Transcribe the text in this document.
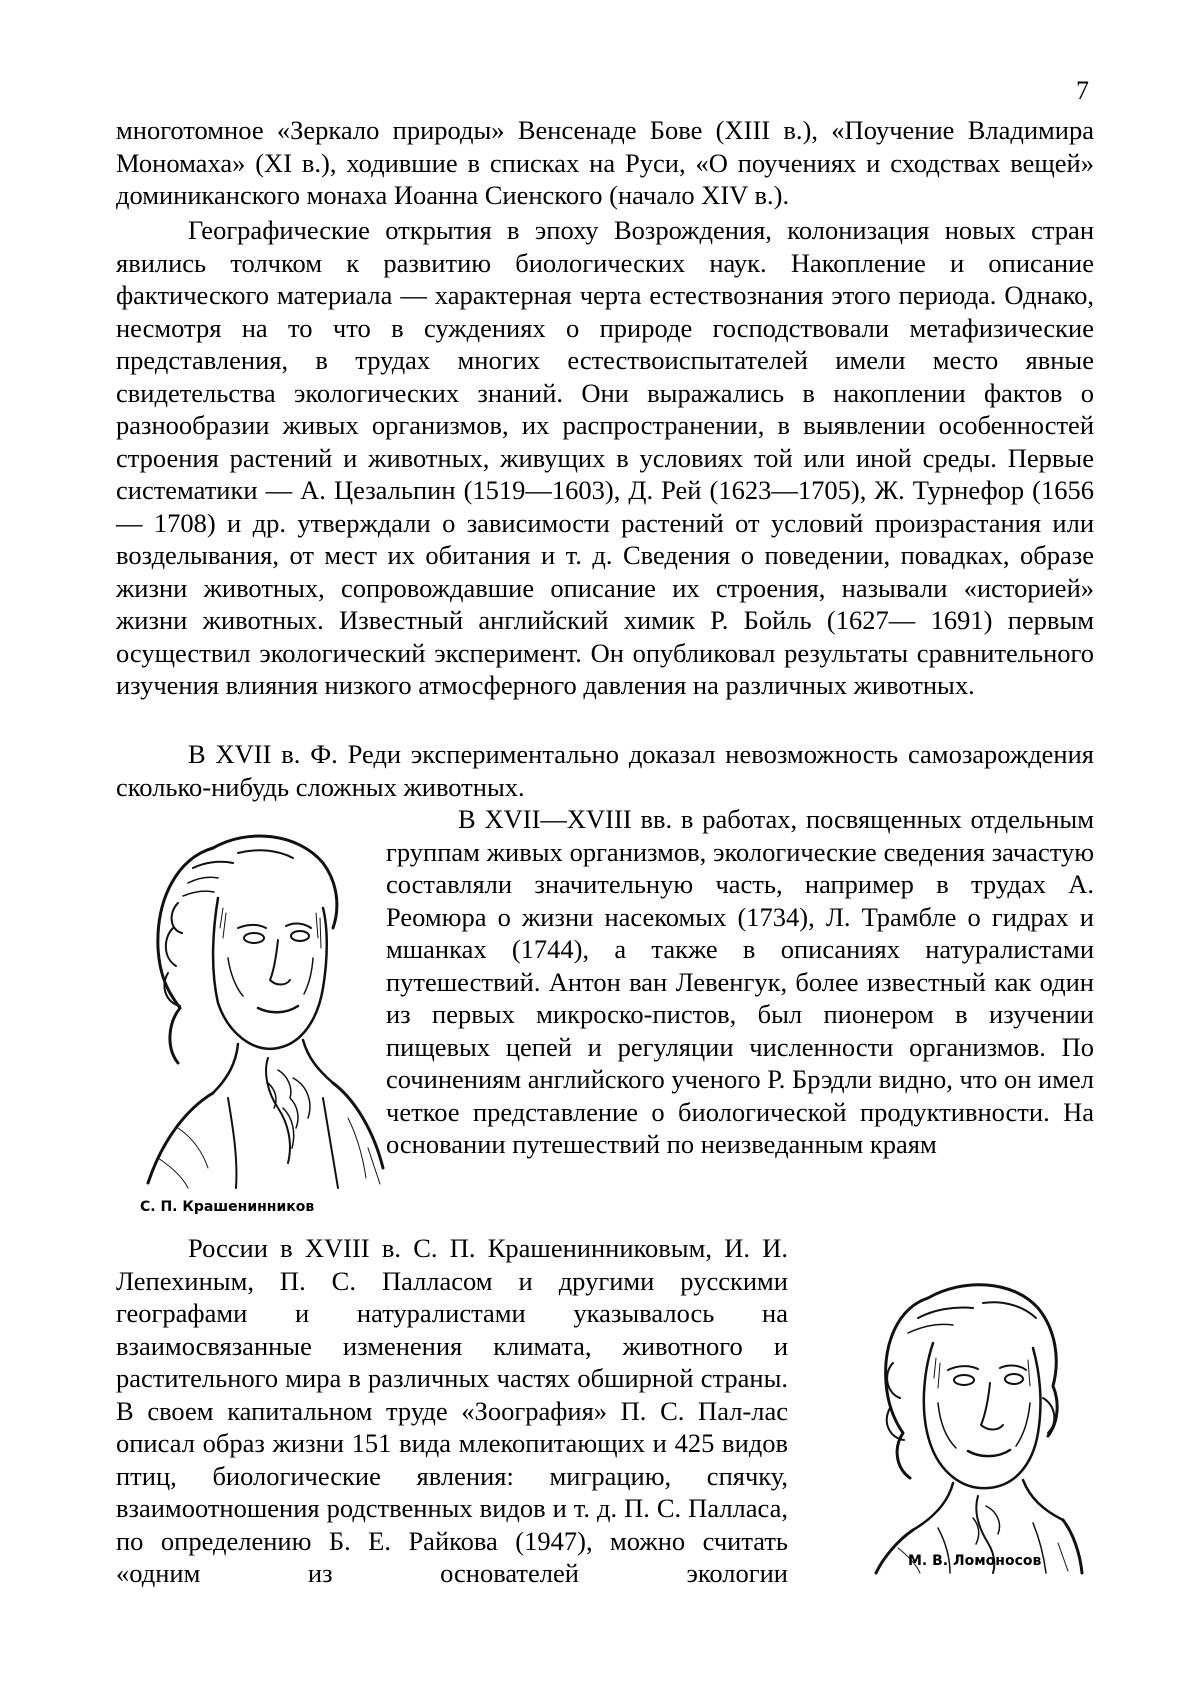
7

многотомное «Зеркало природы» Венсенаде Бове (XIII в.), «Поучение Владимира Мономаха» (XI в.), ходившие в списках на Руси, «О поучениях и сходствах вещей» доминиканского монаха Иоанна Сиенского (начало XIV в.).

Географические открытия в эпоху Возрождения, колонизация новых стран явились толчком к развитию биологических наук. Накопление и описание фактического материала — характерная черта естествознания этого периода. Однако, несмотря на то что в суждениях о природе господствовали метафизические представления, в трудах многих естествоиспытателей имели место явные свидетельства экологических знаний. Они выражались в накоплении фактов о разнообразии живых организмов, их распространении, в выявлении особенностей строения растений и животных, живущих в условиях той или иной среды. Первые систематики — А. Цезальпин (1519—1603), Д. Рей (1623—1705), Ж. Турнефор (1656— 1708) и др. утверждали о зависимости растений от условий произрастания или возделывания, от мест их обитания и т. д. Сведения о поведении, повадках, образе жизни животных, сопровождавшие описание их строения, называли «историей» жизни животных. Известный английский химик Р. Бойль (1627— 1691) первым осуществил экологический эксперимент. Он опубликовал результаты сравнительного изучения влияния низкого атмосферного давления на различных животных.

В XVII в. Ф. Реди экспериментально доказал невозможность самозарождения сколько-нибудь сложных животных.

С. П. Крашенинников

В XVII—XVIII вв. в работах, посвященных отдельным группам живых организмов, экологические сведения зачастую составляли значительную часть, например в трудах А. Реомюра о жизни насекомых (1734), Л. Трамбле о гидрах и мшанках (1744), а также в описаниях натуралистами путешествий. Антон ван Левенгук, более известный как один из первых микроско-пистов, был пионером в изучении пищевых цепей и регуляции численности организмов. По сочинениям английского ученого Р. Брэдли видно, что он имел четкое представление о биологической продуктивности. На основании путешествий по неизведанным краям

России в XVIII в. С. П. Крашенинниковым, И. И. Лепехиным, П. С. Палласом и другими русскими географами и натуралистами указывалось на взаимосвязанные изменения климата, животного и растительного мира в различных частях обширной страны. В своем капитальном труде «Зоография» П. С. Пал-лас описал образ жизни 151 вида млекопитающих и 425 видов птиц, биологические явления: миграцию, спячку, взаимоотношения родственных видов и т. д. П. С. Палласа, по определению Б. Е. Райкова (1947), можно считать «одним из основателей экологии	М. В. Ломоносов
